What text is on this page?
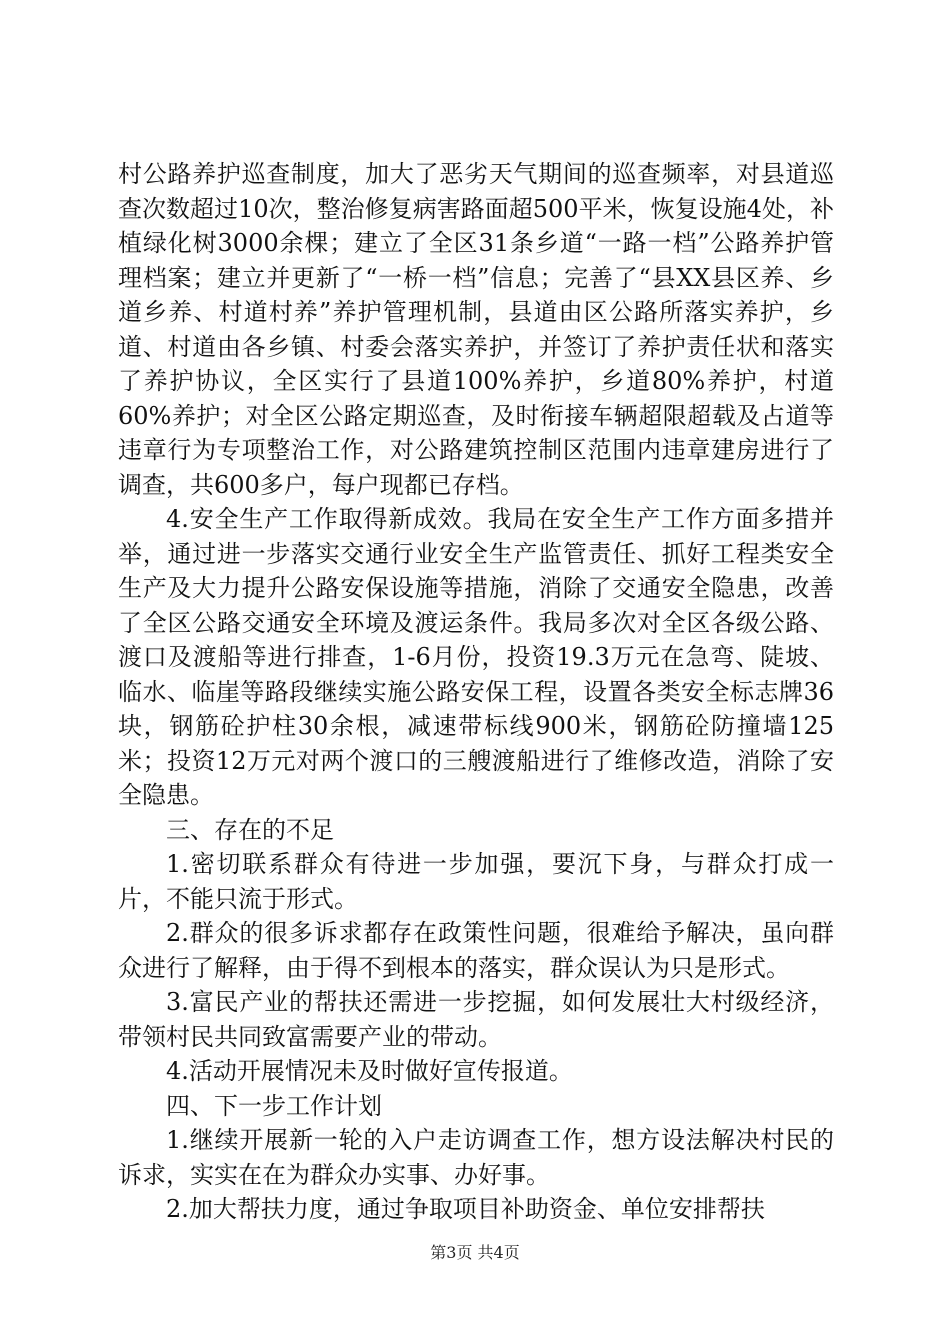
村公路养护巡查制度，加大了恶劣天气期间的巡查频率，对县道巡查次数超过10次，整治修复病害路面超500平米，恢复设施4处，补植绿化树3000余棵；建立了全区31条乡道“一路一档”公路养护管理档案；建立并更新了“一桥一档”信息；完善了“县XX县区养、乡道乡养、村道村养”养护管理机制，县道由区公路所落实养护，乡道、村道由各乡镇、村委会落实养护，并签订了养护责任状和落实了养护协议，全区实行了县道100%养护，乡道80%养护，村道60%养护；对全区公路定期巡查，及时衔接车辆超限超载及占道等违章行为专项整治工作，对公路建筑控制区范围内违章建房进行了调查，共600多户，每户现都已存档。

4.安全生产工作取得新成效。我局在安全生产工作方面多措并举，通过进一步落实交通行业安全生产监管责任、抓好工程类安全生产及大力提升公路安保设施等措施，消除了交通安全隐患，改善了全区公路交通安全环境及渡运条件。我局多次对全区各级公路、渡口及渡船等进行排查，1-6月份，投资19.3万元在急弯、陡坡、临水、临崖等路段继续实施公路安保工程，设置各类安全标志牌36块，钢筋砼护柱30余根，减速带标线900米，钢筋砼防撞墙125米；投资12万元对两个渡口的三艘渡船进行了维修改造，消除了安全隐患。

三、存在的不足

1.密切联系群众有待进一步加强，要沉下身，与群众打成一片，不能只流于形式。

2.群众的很多诉求都存在政策性问题，很难给予解决，虽向群众进行了解释，由于得不到根本的落实，群众误认为只是形式。

3.富民产业的帮扶还需进一步挖掘，如何发展壮大村级经济，带领村民共同致富需要产业的带动。

4.活动开展情况未及时做好宣传报道。

四、下一步工作计划

1.继续开展新一轮的入户走访调查工作，想方设法解决村民的诉求，实实在在为群众办实事、办好事。

2.加大帮扶力度，通过争取项目补助资金、单位安排帮扶

第3页 共4页
